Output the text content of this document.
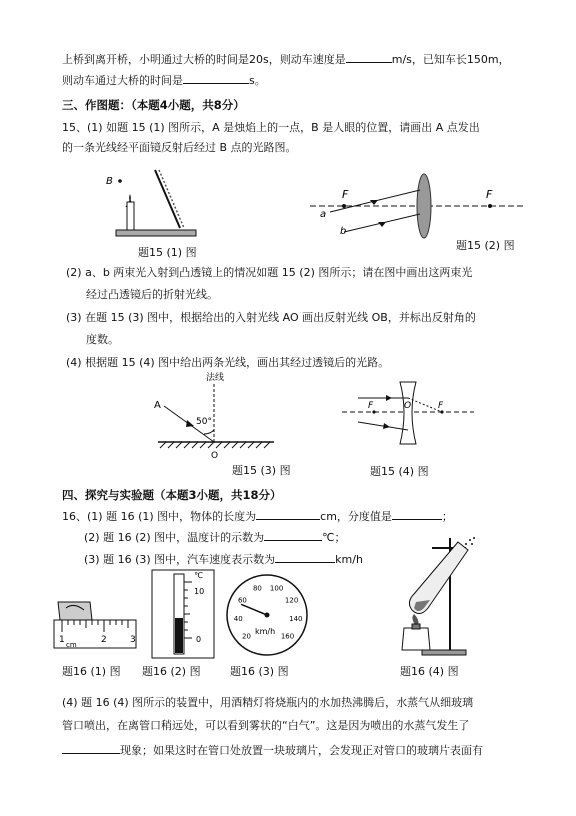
上桥到离开桥，小明通过大桥的时间是20s，则动车速度是	m/s，已知车长150m，
则动车通过大桥的时间是	s。
三、作图题：（本题4小题，共8分）
15、(1) 如题 15 (1) 图所示，A 是烛焰上的一点，B 是人眼的位置，请画出 A 点发出
的一条光线经平面镜反射后经过 B 点的光路图。
B
题15 (1) 图
F	F
a
b
题15 (2) 图
(2) a、b 两束光入射到凸透镜上的情况如题 15 (2) 图所示；请在图中画出这两束光
经过凸透镜后的折射光线。
(3) 在题 15 (3) 图中，根据给出的入射光线 AO 画出反射光线 OB，并标出反射角的
度数。
(4) 根据题 15 (4) 图中给出两条光线，画出其经过透镜后的光路。
法线
A
50°
O
题15 (3) 图
F	O	F
题15 (4) 图
四、探究与实验题（本题3小题，共18分）
16、(1) 题 16 (1) 图中，物体的长度为	cm，分度值是	；
(2) 题 16 (2) 图中，温度计的示数为	℃；
(3) 题 16 (3) 图中，汽车速度表示数为	km/h
1	2	3
cm
℃
10
0	20
40
60
80 100
120
140
160
km/h
题16 (1) 图 题16 (2) 图	题16 (3) 图	题16 (4) 图
(4) 题 16 (4) 图所示的装置中，用酒精灯将烧瓶内的水加热沸腾后，水蒸气从细玻璃
管口喷出，在离管口稍远处，可以看到雾状的“白气”。这是因为喷出的水蒸气发生了
现象；如果这时在管口处放置一块玻璃片，会发现正对管口的玻璃片表面有
